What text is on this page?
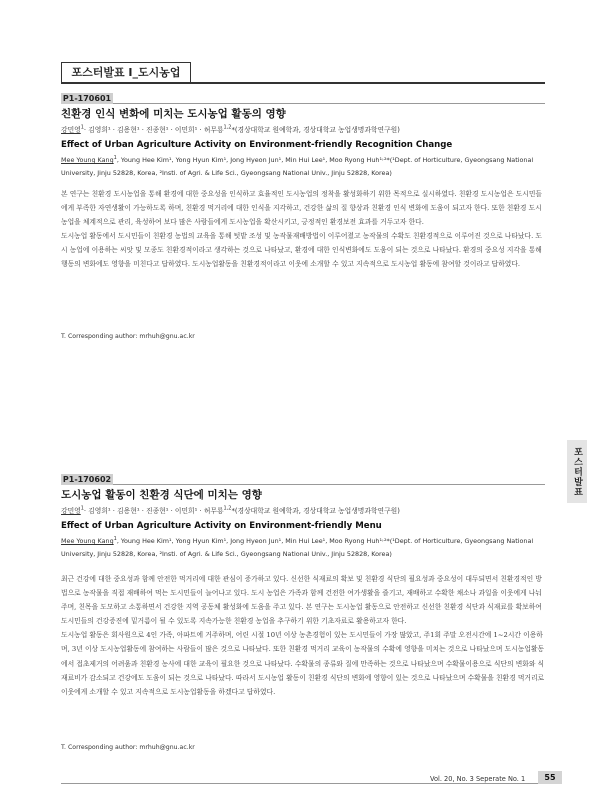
포스터발표 I_도시농업
P1-170601
친환경 인식 변화에 미치는 도시농업 활동의 영향
강민영$^1$· 김영희¹ · 김용현¹ · 진종현¹ · 이민희¹ · 허무룡$^{1,2}$*(경상대학교 원예학과, 경상대학교 농업생명과학연구원)
Effect of Urban Agriculture Activity on Environment-friendly Recognition Change
Mee Young Kang$^1$, Young Hee Kim¹, Yong Hyun Kim¹, Jong Hyeon Jun¹, Min Hui Lee¹, Moo Ryong Huh¹˒²*(¹Dept. of Horticulture, Gyeongsang National
University, Jinju 52828, Korea, ²Insti. of Agri. & Life Sci., Gyeongsang National Univ., Jinju 52828, Korea)

본 연구는 친환경 도시농업을 통해 환경에 대한 중요성을 인식하고 효율적인 도시농업의 정착을 활성화하기 위한 목적으로 실시하였다. 친환경 도시농업은 도시민들에게 부족한 자연생활이 가능하도록 하며, 친환경 먹거리에 대한 인식을 지각하고, 건강한 삶의 질 향상과 친환경 인식 변화에 도움이 되고자 한다. 또한 친환경 도시농업을 체계적으로 관리, 육성하여 보다 많은 사람들에게 도시농업을 확산시키고, 긍정적인 환경보전 효과를 거두고자 한다.

도시농업 활동에서 도시민들이 친환경 농법의 교육을 통해 텃밭 조성 및 농작물재배방법이 이루어졌고 농작물의 수확도 친환경적으로 이루어진 것으로 나타났다. 도시 농업에 이용하는 씨앗 및 모종도 친환경적이라고 생각하는 것으로 나타났고, 환경에 대한 인식변화에도 도움이 되는 것으로 나타났다. 환경의 중요성 지각을 통해 행동의 변화에도 영향을 미친다고 답하였다. 도시농업활동을 친환경적이라고 이웃에 소개할 수 있고 지속적으로 도시농업 활동에 참여할 것이라고 답하였다.

T. Corresponding author: mrhuh@gnu.ac.kr
포스터발표
P1-170602
도시농업 활동이 친환경 식단에 미치는 영향
강민영$^1$· 김영희¹ · 김용현¹ · 진종현¹ · 이민희¹ · 허무룡$^{1,2}$*(경상대학교 원예학과, 경상대학교 농업생명과학연구원)
Effect of Urban Agriculture Activity on Environment-friendly Menu
Mee Young Kang$^1$, Young Hee Kim¹, Yong Hyun Kim¹, Jong Hyeon Jun¹, Min Hui Lee¹, Moo Ryong Huh¹˒²*(¹Dept. of Horticulture, Gyeongsang National
University, Jinju 52828, Korea, ²Insti. of Agri. & Life Sci., Gyeongsang National Univ., Jinju 52828, Korea)

최근 건강에 대한 중요성과 함께 안전한 먹거리에 대한 관심이 증가하고 있다. 신선한 식재료의 확보 및 친환경 식단의 필요성과 중요성이 대두되면서 친환경적인 방법으로 농작물을 직접 재배하여 먹는 도시민들이 늘어나고 있다. 도시 농업은 가족과 함께 건전한 여가생활을 즐기고, 재배하고 수확한 채소나 과일을 이웃에게 나눠주며, 친목을 도모하고 소통하면서 건강한 지역 공동체 활성화에 도움을 주고 있다. 본 연구는 도시농업 활동으로 안전하고 신선한 친환경 식단과 식재료를 확보하여 도시민들의 건강증진에 밑거름이 될 수 있도록 지속가능한 친환경 농업을 추구하기 위한 기초자료로 활용하고자 한다.

도시농업 활동은 회사원으로 4인 가족, 아파트에 거주하며, 어린 시절 10년 이상 농촌경험이 있는 도시민들이 가장 많았고, 주1회 주말 오전시간에 1~2시간 이용하며, 3년 이상 도시농업활동에 참여하는 사람들이 많은 것으로 나타났다. 또한 친환경 먹거리 교육이 농작물의 수확에 영향을 미치는 것으로 나타났으며 도시농업활동에서 접초제거의 어려움과 친환경 농사에 대한 교육이 필요한 것으로 나타났다. 수확물의 종류와 질에 만족하는 것으로 나타났으며 수확물이용으로 식단의 변화와 식재료비가 감소되고 건강에도 도움이 되는 것으로 나타났다. 따라서 도시농업 활동이 친환경 식단의 변화에 영향이 있는 것으로 나타났으며 수확물을 친환경 먹거리로 이웃에게 소개할 수 있고 지속적으로 도시농업활동을 하겠다고 답하였다.

T. Corresponding author: mrhuh@gnu.ac.kr
Vol. 20, No. 3 Seperate No. 1	55
